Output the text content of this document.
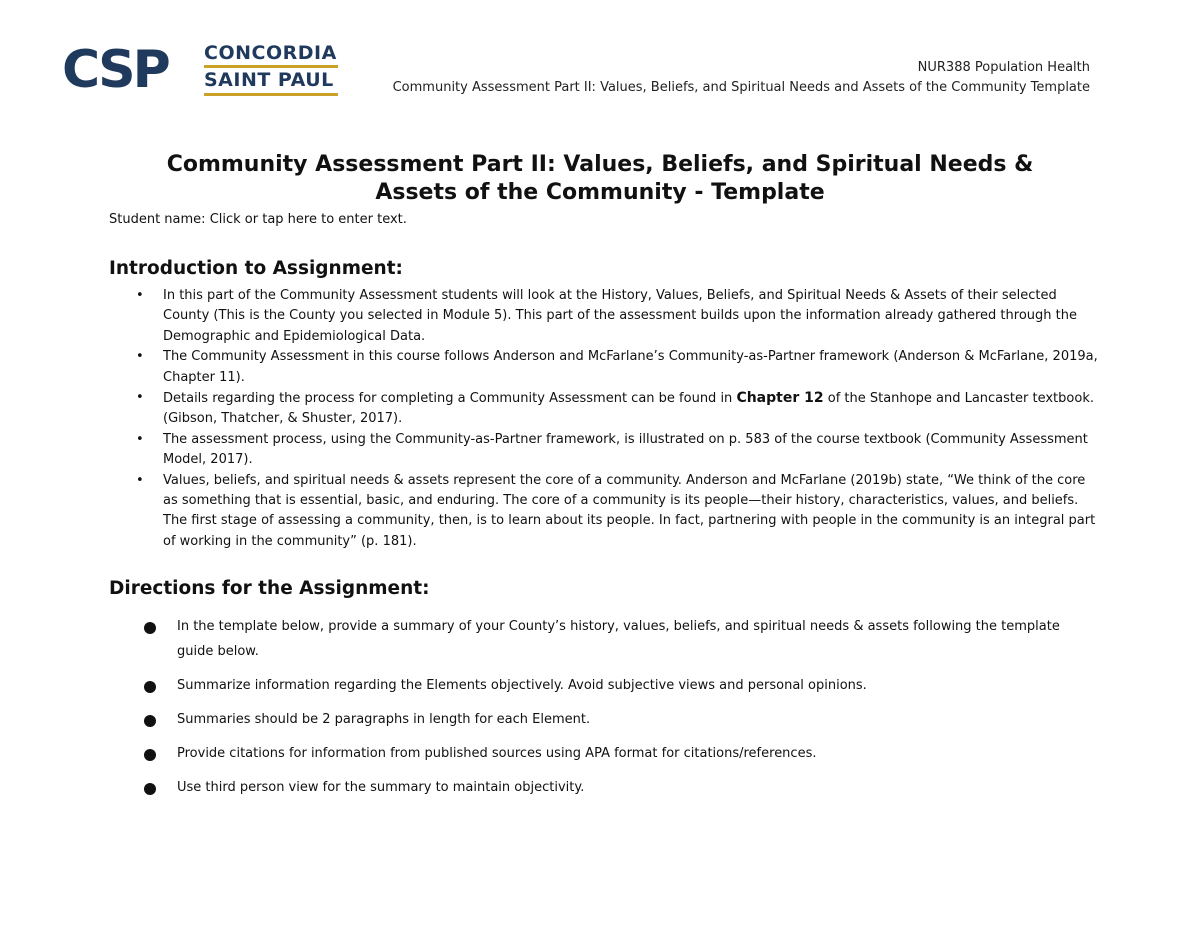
CSP CONCORDIA
SAINT PAUL
NUR388 Population Health
Community Assessment Part II: Values, Beliefs, and Spiritual Needs and Assets of the Community Template
Community Assessment Part II: Values, Beliefs, and Spiritual Needs &
Assets of the Community - Template
Student name: Click or tap here to enter text.
Introduction to Assignment:
• In this part of the Community Assessment students will look at the History, Values, Beliefs, and Spiritual Needs & Assets of their selected County (This is the County you selected in Module 5). This part of the assessment builds upon the information already gathered through the Demographic and Epidemiological Data.
• The Community Assessment in this course follows Anderson and McFarlane’s Community-as-Partner framework (Anderson & McFarlane, 2019a, Chapter 11).
• Details regarding the process for completing a Community Assessment can be found in Chapter 12 of the Stanhope and Lancaster textbook. (Gibson, Thatcher, & Shuster, 2017).
• The assessment process, using the Community-as-Partner framework, is illustrated on p. 583 of the course textbook (Community Assessment Model, 2017).
• Values, beliefs, and spiritual needs & assets represent the core of a community. Anderson and McFarlane (2019b) state, “We think of the core as something that is essential, basic, and enduring. The core of a community is its people—their history, characteristics, values, and beliefs. The first stage of assessing a community, then, is to learn about its people. In fact, partnering with people in the community is an integral part of working in the community” (p. 181).
Directions for the Assignment:
In the template below, provide a summary of your County’s history, values, beliefs, and spiritual needs & assets following the template guide below.
Summarize information regarding the Elements objectively. Avoid subjective views and personal opinions.
Summaries should be 2 paragraphs in length for each Element.
Provide citations for information from published sources using APA format for citations/references.
Use third person view for the summary to maintain objectivity.
